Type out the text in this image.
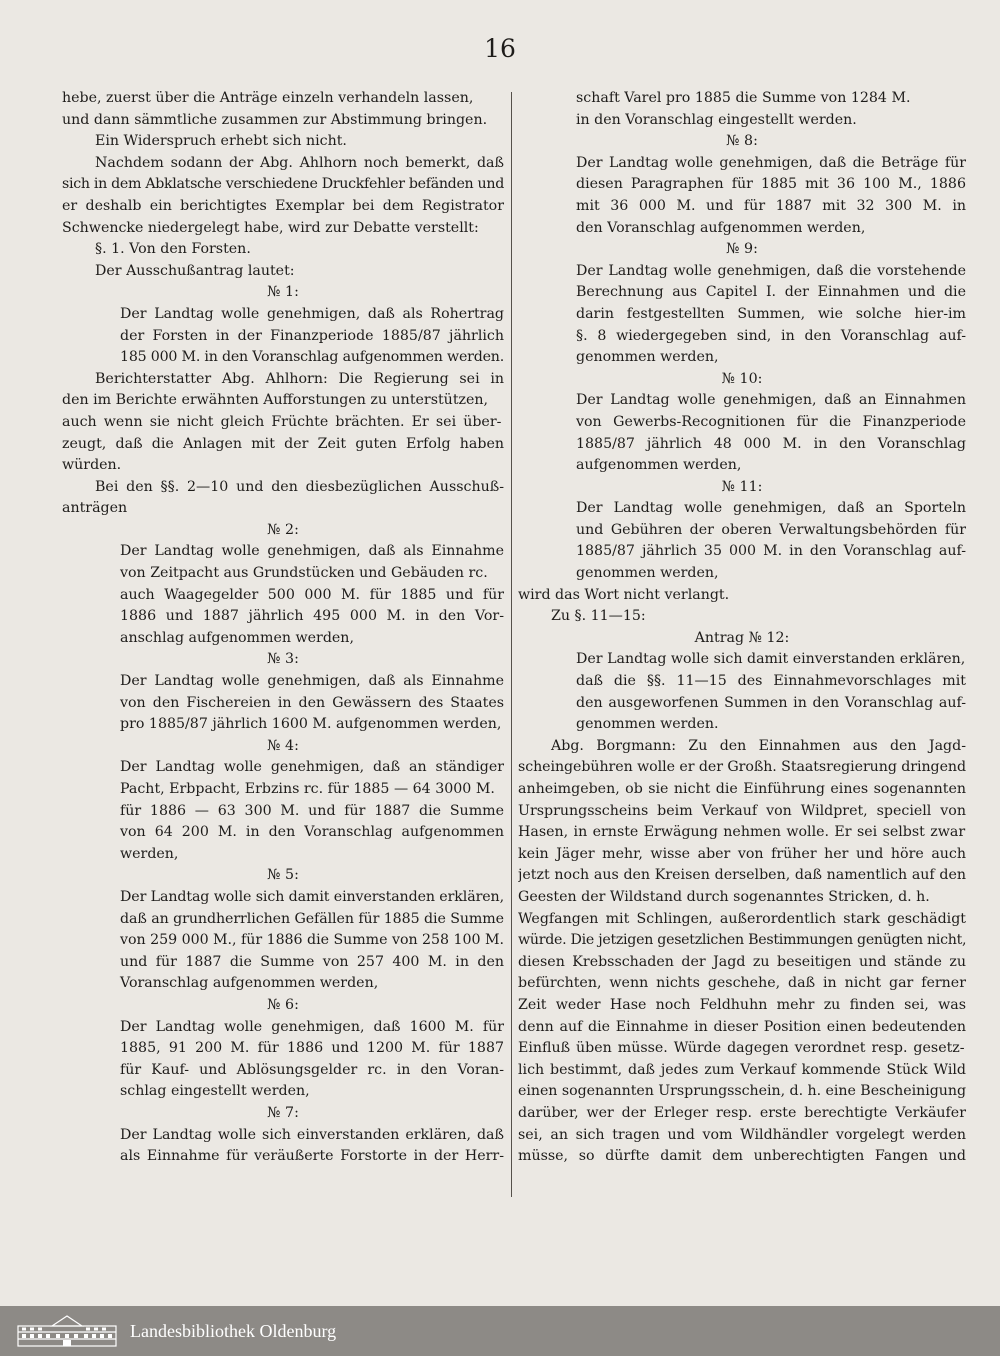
16

hebe, zuerst über die Anträge einzeln verhandeln lassen,

und dann sämmtliche zusammen zur Abstimmung bringen.

Ein Widerspruch erhebt sich nicht.

Nachdem sodann der Abg. Ahlhorn noch bemerkt, daß

sich in dem Abklatsche verschiedene Druckfehler befänden und

er deshalb ein berichtigtes Exemplar bei dem Registrator

Schwencke niedergelegt habe, wird zur Debatte verstellt:

§. 1. Von den Forsten.

Der Ausschußantrag lautet:

№ 1:

Der Landtag wolle genehmigen, daß als Rohertrag

der Forsten in der Finanzperiode 1885/87 jährlich

185 000 M. in den Voranschlag aufgenommen werden.

Berichterstatter Abg. Ahlhorn: Die Regierung sei in

den im Berichte erwähnten Aufforstungen zu unterstützen,

auch wenn sie nicht gleich Früchte brächten. Er sei über-

zeugt, daß die Anlagen mit der Zeit guten Erfolg haben

würden.

Bei den §§. 2—10 und den diesbezüglichen Ausschuß-

anträgen

№ 2:

Der Landtag wolle genehmigen, daß als Einnahme

von Zeitpacht aus Grundstücken und Gebäuden rc.

auch Waagegelder 500 000 M. für 1885 und für

1886 und 1887 jährlich 495 000 M. in den Vor-

anschlag aufgenommen werden,

№ 3:

Der Landtag wolle genehmigen, daß als Einnahme

von den Fischereien in den Gewässern des Staates

pro 1885/87 jährlich 1600 M. aufgenommen werden,

№ 4:

Der Landtag wolle genehmigen, daß an ständiger

Pacht, Erbpacht, Erbzins rc. für 1885 — 64 3000 M.

für 1886 — 63 300 M. und für 1887 die Summe

von 64 200 M. in den Voranschlag aufgenommen

werden,

№ 5:

Der Landtag wolle sich damit einverstanden erklären,

daß an grundherrlichen Gefällen für 1885 die Summe

von 259 000 M., für 1886 die Summe von 258 100 M.

und für 1887 die Summe von 257 400 M. in den

Voranschlag aufgenommen werden,

№ 6:

Der Landtag wolle genehmigen, daß 1600 M. für

1885, 91 200 M. für 1886 und 1200 M. für 1887

für Kauf- und Ablösungsgelder rc. in den Voran-

schlag eingestellt werden,

№ 7:

Der Landtag wolle sich einverstanden erklären, daß

als Einnahme für veräußerte Forstorte in der Herr-

schaft Varel pro 1885 die Summe von 1284 M.

in den Voranschlag eingestellt werden.

№ 8:

Der Landtag wolle genehmigen, daß die Beträge für

diesen Paragraphen für 1885 mit 36 100 M., 1886

mit 36 000 M. und für 1887 mit 32 300 M. in

den Voranschlag aufgenommen werden,

№ 9:

Der Landtag wolle genehmigen, daß die vorstehende

Berechnung aus Capitel I. der Einnahmen und die

darin festgestellten Summen, wie solche hier-im

§. 8 wiedergegeben sind, in den Voranschlag auf-

genommen werden,

№ 10:

Der Landtag wolle genehmigen, daß an Einnahmen

von Gewerbs-Recognitionen für die Finanzperiode

1885/87 jährlich 48 000 M. in den Voranschlag

aufgenommen werden,

№ 11:

Der Landtag wolle genehmigen, daß an Sporteln

und Gebühren der oberen Verwaltungsbehörden für

1885/87 jährlich 35 000 M. in den Voranschlag auf-

genommen werden,

wird das Wort nicht verlangt.

Zu §. 11—15:

Antrag № 12:

Der Landtag wolle sich damit einverstanden erklären,

daß die §§. 11—15 des Einnahmevorschlages mit

den ausgeworfenen Summen in den Voranschlag auf-

genommen werden.

Abg. Borgmann: Zu den Einnahmen aus den Jagd-

scheingebühren wolle er der Großh. Staatsregierung dringend

anheimgeben, ob sie nicht die Einführung eines sogenannten

Ursprungsscheins beim Verkauf von Wildpret, speciell von

Hasen, in ernste Erwägung nehmen wolle. Er sei selbst zwar

kein Jäger mehr, wisse aber von früher her und höre auch

jetzt noch aus den Kreisen derselben, daß namentlich auf den

Geesten der Wildstand durch sogenanntes Stricken, d. h.

Wegfangen mit Schlingen, außerordentlich stark geschädigt

würde. Die jetzigen gesetzlichen Bestimmungen genügten nicht,

diesen Krebsschaden der Jagd zu beseitigen und stände zu

befürchten, wenn nichts geschehe, daß in nicht gar ferner

Zeit weder Hase noch Feldhuhn mehr zu finden sei, was

denn auf die Einnahme in dieser Position einen bedeutenden

Einfluß üben müsse. Würde dagegen verordnet resp. gesetz-

lich bestimmt, daß jedes zum Verkauf kommende Stück Wild

einen sogenannten Ursprungsschein, d. h. eine Bescheinigung

darüber, wer der Erleger resp. erste berechtigte Verkäufer

sei, an sich tragen und vom Wildhändler vorgelegt werden

müsse, so dürfte damit dem unberechtigten Fangen und

Landesbibliothek Oldenburg
